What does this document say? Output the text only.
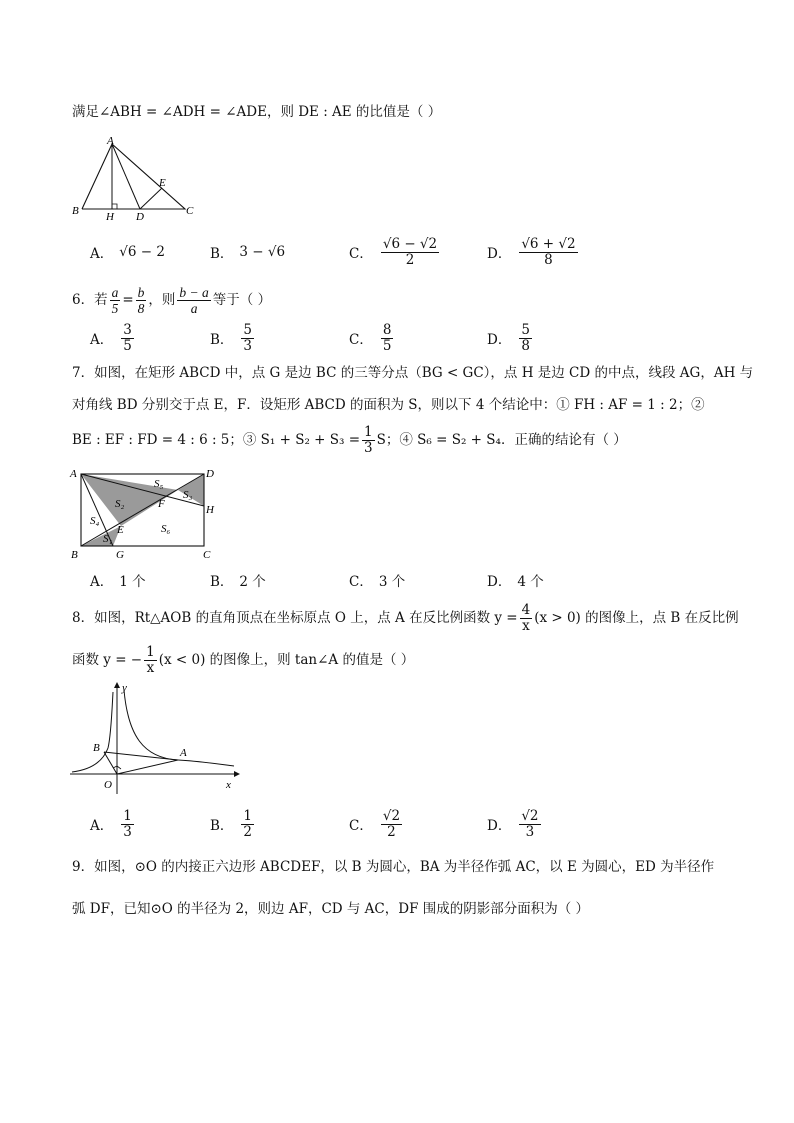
满足∠ABH = ∠ADH = ∠ADE，则 DE : AE 的比值是（ ）
A
B H D
E
C
A． √6 − 2	B． 3 − √6	C． $\frac{√6 - √2}{2}$	D． $\frac{√6 + √2}{8}$
6．若 $\frac{a}{5} = \frac{b}{8}$ ，则 $\frac{b - a}{a}$ 等于（ ）
A． $\frac{3}{5}$	B． $\frac{5}{3}$	C． $\frac{8}{5}$	D． $\frac{5}{8}$
7．如图，在矩形 ABCD 中，点 G 是边 BC 的三等分点（BG < GC），点 H 是边 CD 的中点，线段 AG，AH 与
对角线 BD 分别交于点 E，F．设矩形 ABCD 的面积为 S，则以下 4 个结论中：① FH : AF = 1 : 2；②
BE : EF : FD = 4 : 6 : 5；③ $S_1 + S_2 + S_3 = \frac{1}{3}$ S；④ S₆ = S₂ + S₄．正确的结论有（ ）
A	D
S₅
S₂
S₃
F	H
S₄
E	S₆
S₁
B	G	C
A． 1 个	B． 2 个	C． 3 个	D． 4 个
8．如图，Rt△AOB 的直角顶点在坐标原点 O 上，点 A 在反比例函数 $y = \frac{4}{x} (x > 0)$ 的图像上，点 B 在反比例
函数 y = − $\frac{1}{x} (x < 0)$ 的图像上，则 tan∠A 的值是（ ）
y
B	A
O	x
A． $\frac{1}{3}$	B． $\frac{1}{2}$	C． $\frac{√2}{2}$	D． $\frac{√2}{3}$
9．如图，⊙O 的内接正六边形 ABCDEF，以 B 为圆心，BA 为半径作弧 AC，以 E 为圆心，ED 为半径作
弧 DF，已知⊙O 的半径为 2，则边 AF，CD 与 AC，DF 围成的阴影部分面积为（ ）
